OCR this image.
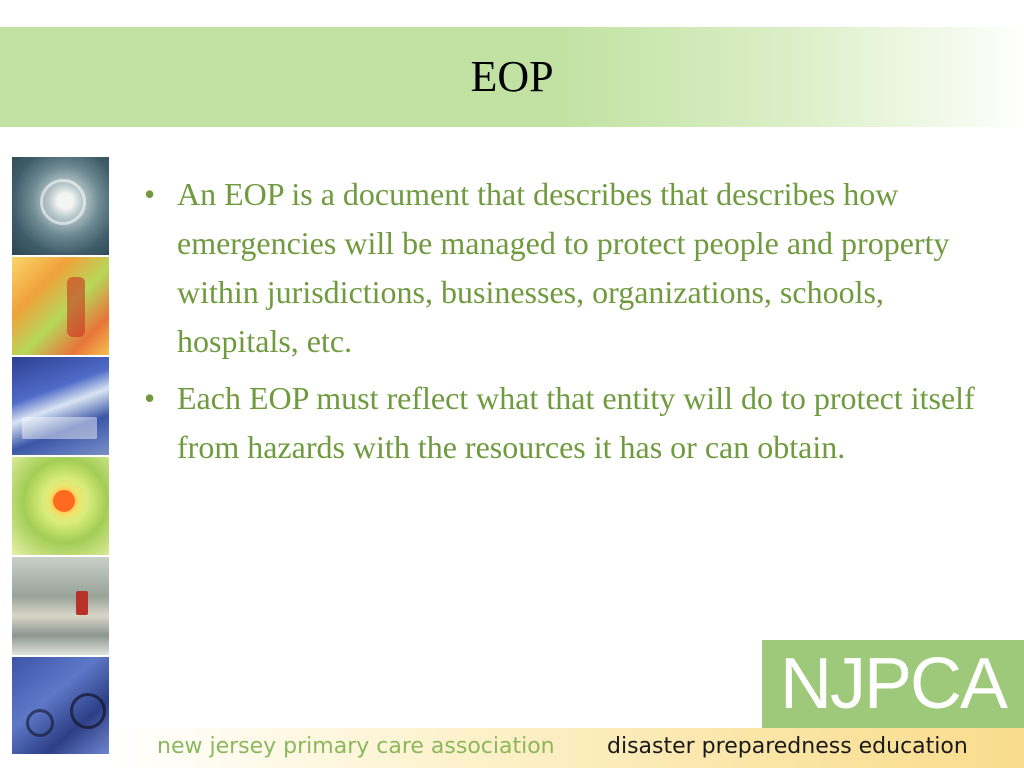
EOP
• An EOP is a document that describes that describes how emergencies will be managed to protect people and property within jurisdictions, businesses, organizations, schools, hospitals, etc.
• Each EOP must reflect what that entity will do to protect itself from hazards with the resources it has or can obtain.
NJPCA
new jersey primary care association disaster preparedness education
